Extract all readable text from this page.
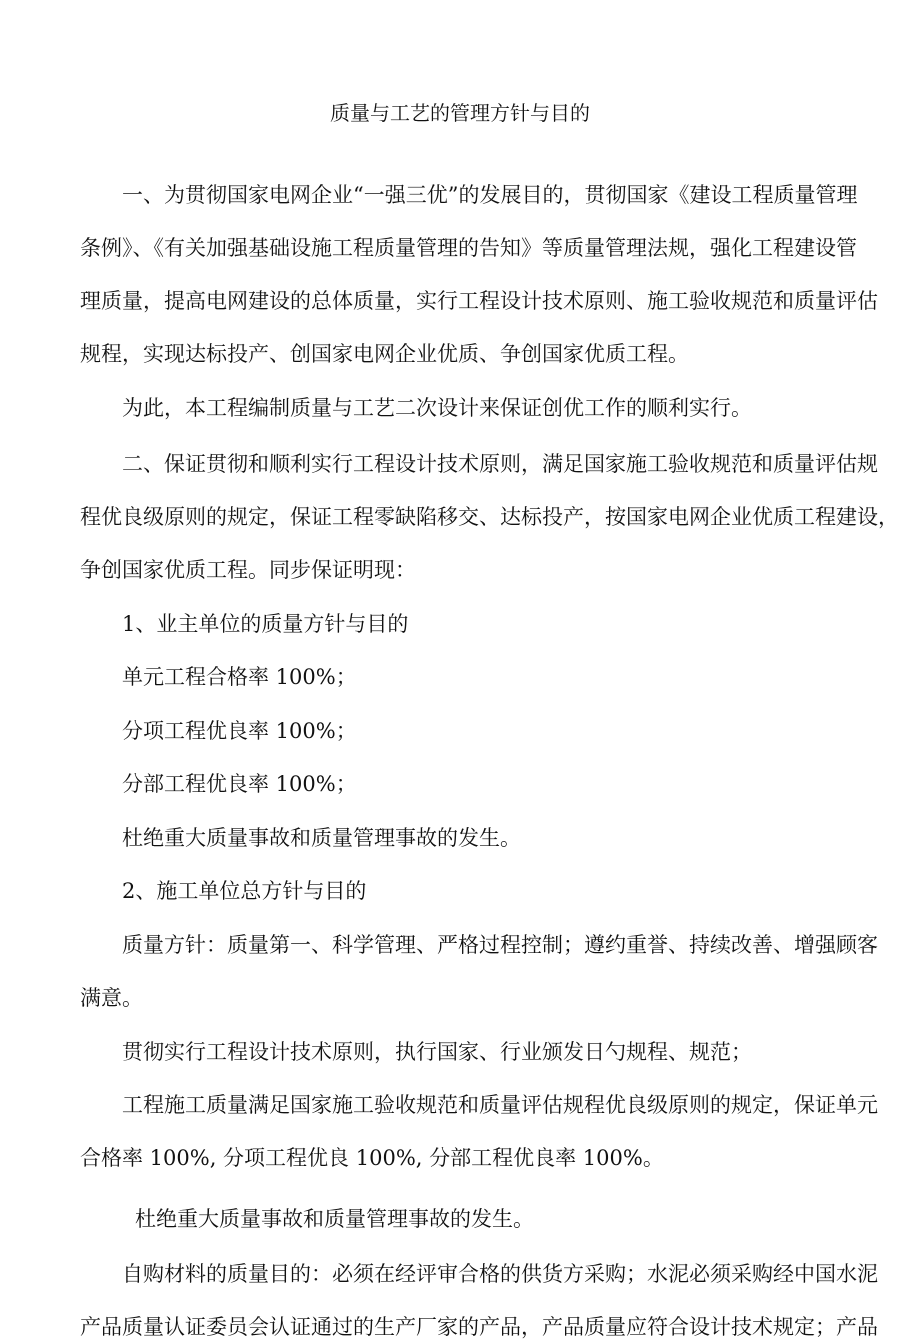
质量与工艺的管理方针与目的
一、为贯彻国家电网企业“一强三优”的发展目的，贯彻国家《建设工程质量管理
条例》、《有关加强基础设施工程质量管理的告知》等质量管理法规，强化工程建设管
理质量，提高电网建设的总体质量，实行工程设计技术原则、施工验收规范和质量评估
规程，实现达标投产、创国家电网企业优质、争创国家优质工程。
为此，本工程编制质量与工艺二次设计来保证创优工作的顺利实行。
二、保证贯彻和顺利实行工程设计技术原则，满足国家施工验收规范和质量评估规
程优良级原则的规定，保证工程零缺陷移交、达标投产，按国家电网企业优质工程建设，
争创国家优质工程。同步保证明现：
1、业主单位的质量方针与目的
单元工程合格率 100%；
分项工程优良率 100%；
分部工程优良率 100%；
杜绝重大质量事故和质量管理事故的发生。
2、施工单位总方针与目的
质量方针：质量第一、科学管理、严格过程控制；遵约重誉、持续改善、增强顾客
满意。
贯彻实行工程设计技术原则，执行国家、行业颁发日勺规程、规范；
工程施工质量满足国家施工验收规范和质量评估规程优良级原则的规定，保证单元
合格率 100%, 分项工程优良 100%, 分部工程优良率 100%。
杜绝重大质量事故和质量管理事故的发生。
自购材料的质量目的：必须在经评审合格的供货方采购；水泥必须采购经中国水泥
产品质量认证委员会认证通过的生产厂家的产品，产品质量应符合设计技术规定；产品
